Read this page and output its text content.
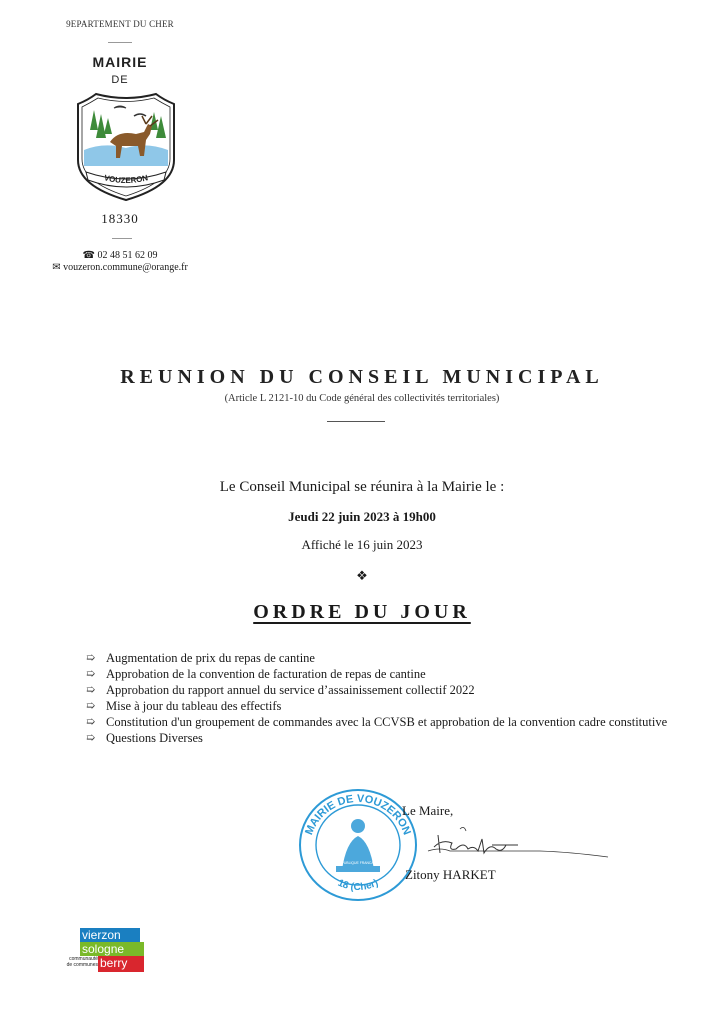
9EPARTEMENT DU CHER
MAIRIE
DE
VOUZERON
18330
☎ 02 48 51 62 09
✉ vouzeron.commune@orange.fr
REUNION DU CONSEIL MUNICIPAL
(Article L 2121-10 du Code général des collectivités territoriales)
Le Conseil Municipal se réunira à la Mairie le :
Jeudi 22 juin 2023 à 19h00
Affiché le 16 juin 2023
❖
ORDRE DU JOUR
➯ Augmentation de prix du repas de cantine
➯ Approbation de la convention de facturation de repas de cantine
➯ Approbation du rapport annuel du service d’assainissement collectif 2022
➯ Mise à jour du tableau des effectifs
➯ Constitution d'un groupement de commandes avec la CCVSB et approbation de la convention cadre constitutive
➯ Questions Diverses
MAIRIE DE VOUZERON
18 (Cher)
REPUBLIQUE FRANCAISE
Le Maire,
Zitony HARKET
vierzon
sologne
communauté
de communes berry
